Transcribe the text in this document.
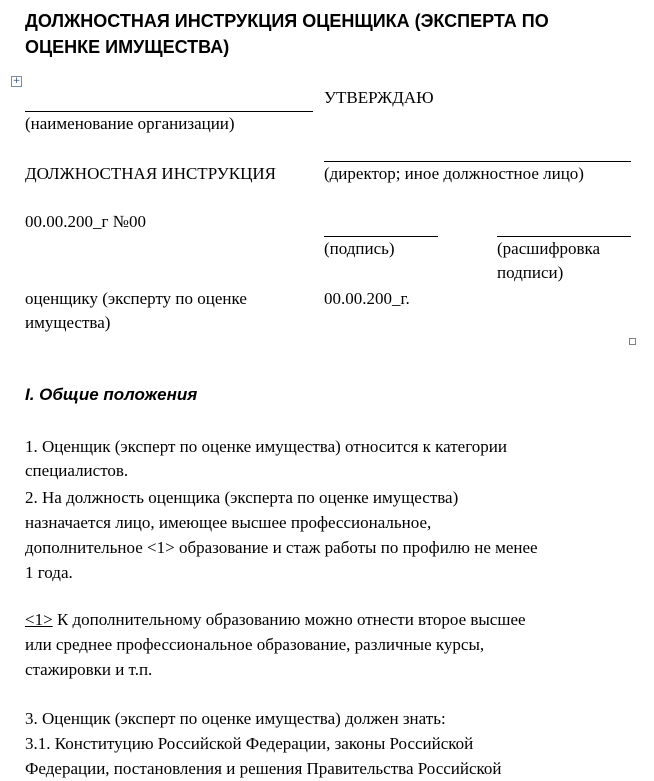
ДОЛЖНОСТНАЯ ИНСТРУКЦИЯ ОЦЕНЩИКА (ЭКСПЕРТА ПО
ОЦЕНКЕ ИМУЩЕСТВА)
+
(наименование организации)
УТВЕРЖДАЮ
ДОЛЖНОСТНАЯ ИНСТРУКЦИЯ	(директор; иное должностное лицо)
00.00.200_г №00
(подпись)	(расшифровка
подписи)
оценщику (эксперту по оценке
имущества)
00.00.200_г.
I. Общие положения
1. Оценщик (эксперт по оценке имущества) относится к категории
специалистов.
2. На должность оценщика (эксперта по оценке имущества)
назначается лицо, имеющее высшее профессиональное,
дополнительное <1> образование и стаж работы по профилю не менее
1 года.
<1> К дополнительному образованию можно отнести второе высшее
или среднее профессиональное образование, различные курсы,
стажировки и т.п.
3. Оценщик (эксперт по оценке имущества) должен знать:
3.1. Конституцию Российской Федерации, законы Российской
Федерации, постановления и решения Правительства Российской
